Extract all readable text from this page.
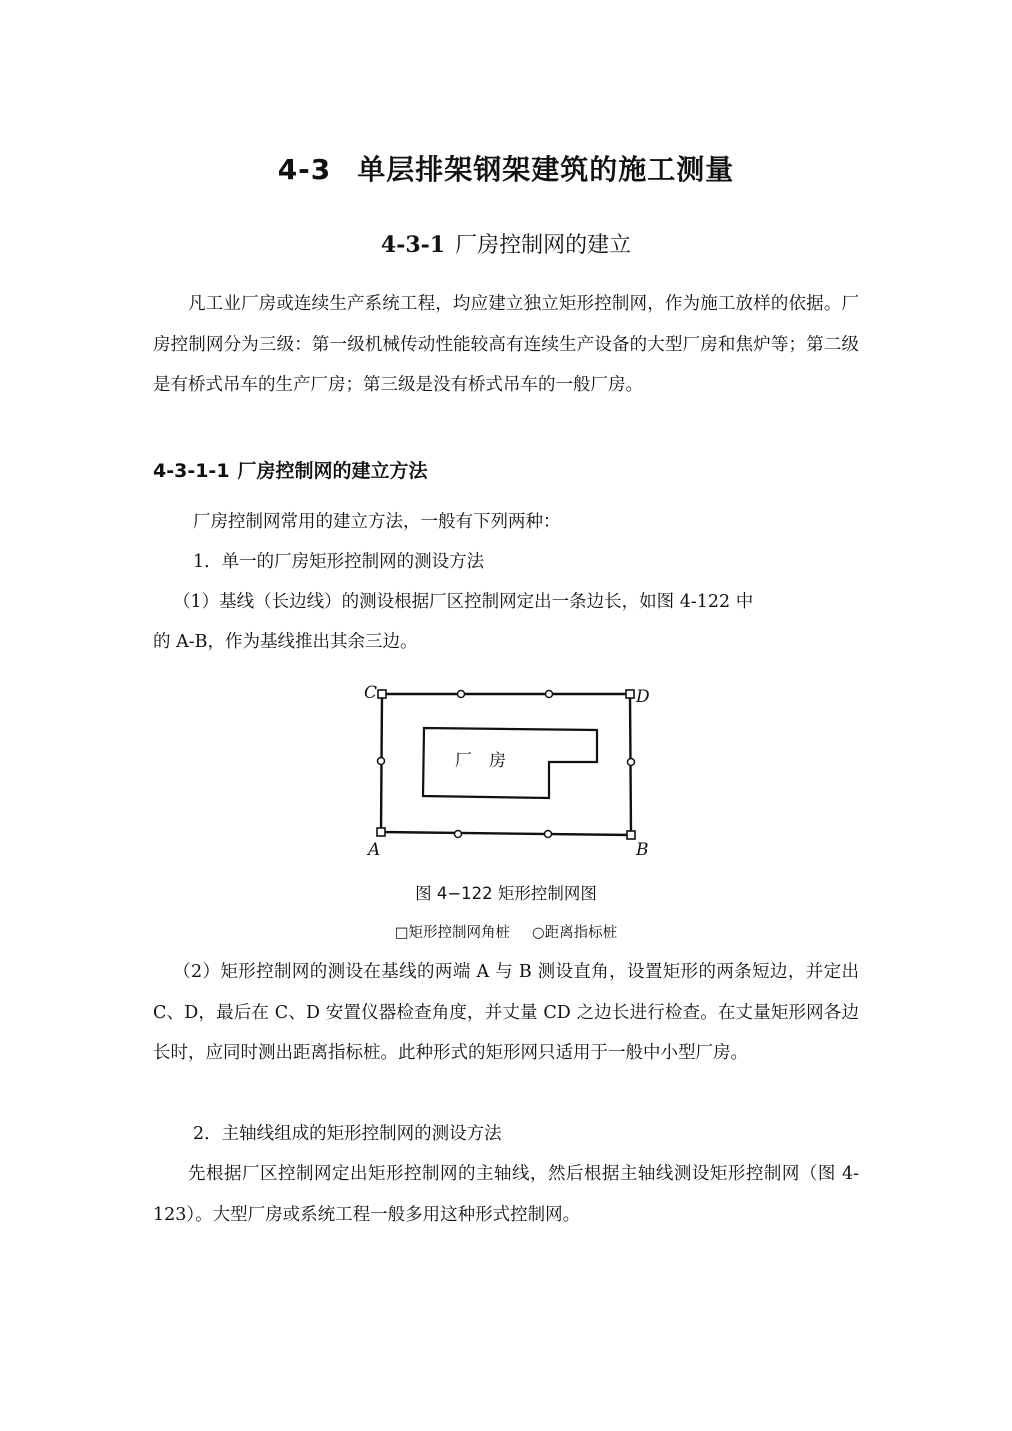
4-3 单层排架钢架建筑的施工测量
4-3-1 厂房控制网的建立

凡工业厂房或连续生产系统工程，均应建立独立矩形控制网，作为施工放样的依据。厂房控制网分为三级：第一级机械传动性能较高有连续生产设备的大型厂房和焦炉等；第二级是有桥式吊车的生产厂房；第三级是没有桥式吊车的一般厂房。

4-3-1-1 厂房控制网的建立方法
厂房控制网常用的建立方法，一般有下列两种：
1．单一的厂房矩形控制网的测设方法
（1）基线（长边线）的测设根据厂区控制网定出一条边长，如图 4-122 中
的 A-B，作为基线推出其余三边。
C	D
A	B
厂　房
图 4−122 矩形控制网图
□矩形控制网角桩 ○距离指标桩

（2）矩形控制网的测设在基线的两端 A 与 B 测设直角，设置矩形的两条短边，并定出 C、D，最后在 C、D 安置仪器检查角度，并丈量 CD 之边长进行检查。在丈量矩形网各边长时，应同时测出距离指标桩。此种形式的矩形网只适用于一般中小型厂房。

2．主轴线组成的矩形控制网的测设方法

先根据厂区控制网定出矩形控制网的主轴线，然后根据主轴线测设矩形控制网（图 4-123）。大型厂房或系统工程一般多用这种形式控制网。
